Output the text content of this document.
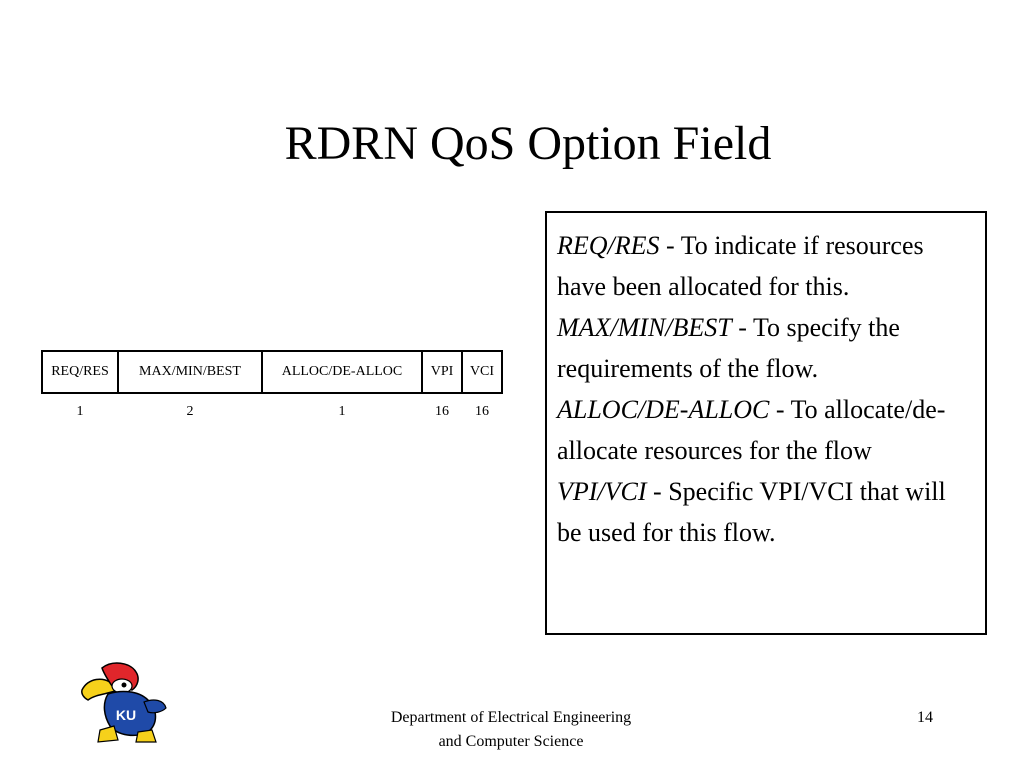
RDRN QoS Option Field
REQ/RES	MAX/MIN/BEST	ALLOC/DE-ALLOC	VPI	VCI
1	2	1	16	16

REQ/RES - To indicate if resources have been allocated for this.

MAX/MIN/BEST - To specify the requirements of the flow.

ALLOC/DE-ALLOC - To allocate/de-allocate resources for the flow

VPI/VCI - Specific VPI/VCI that will be used for this flow.

KU	Department of Electrical Engineering
and Computer Science
14
